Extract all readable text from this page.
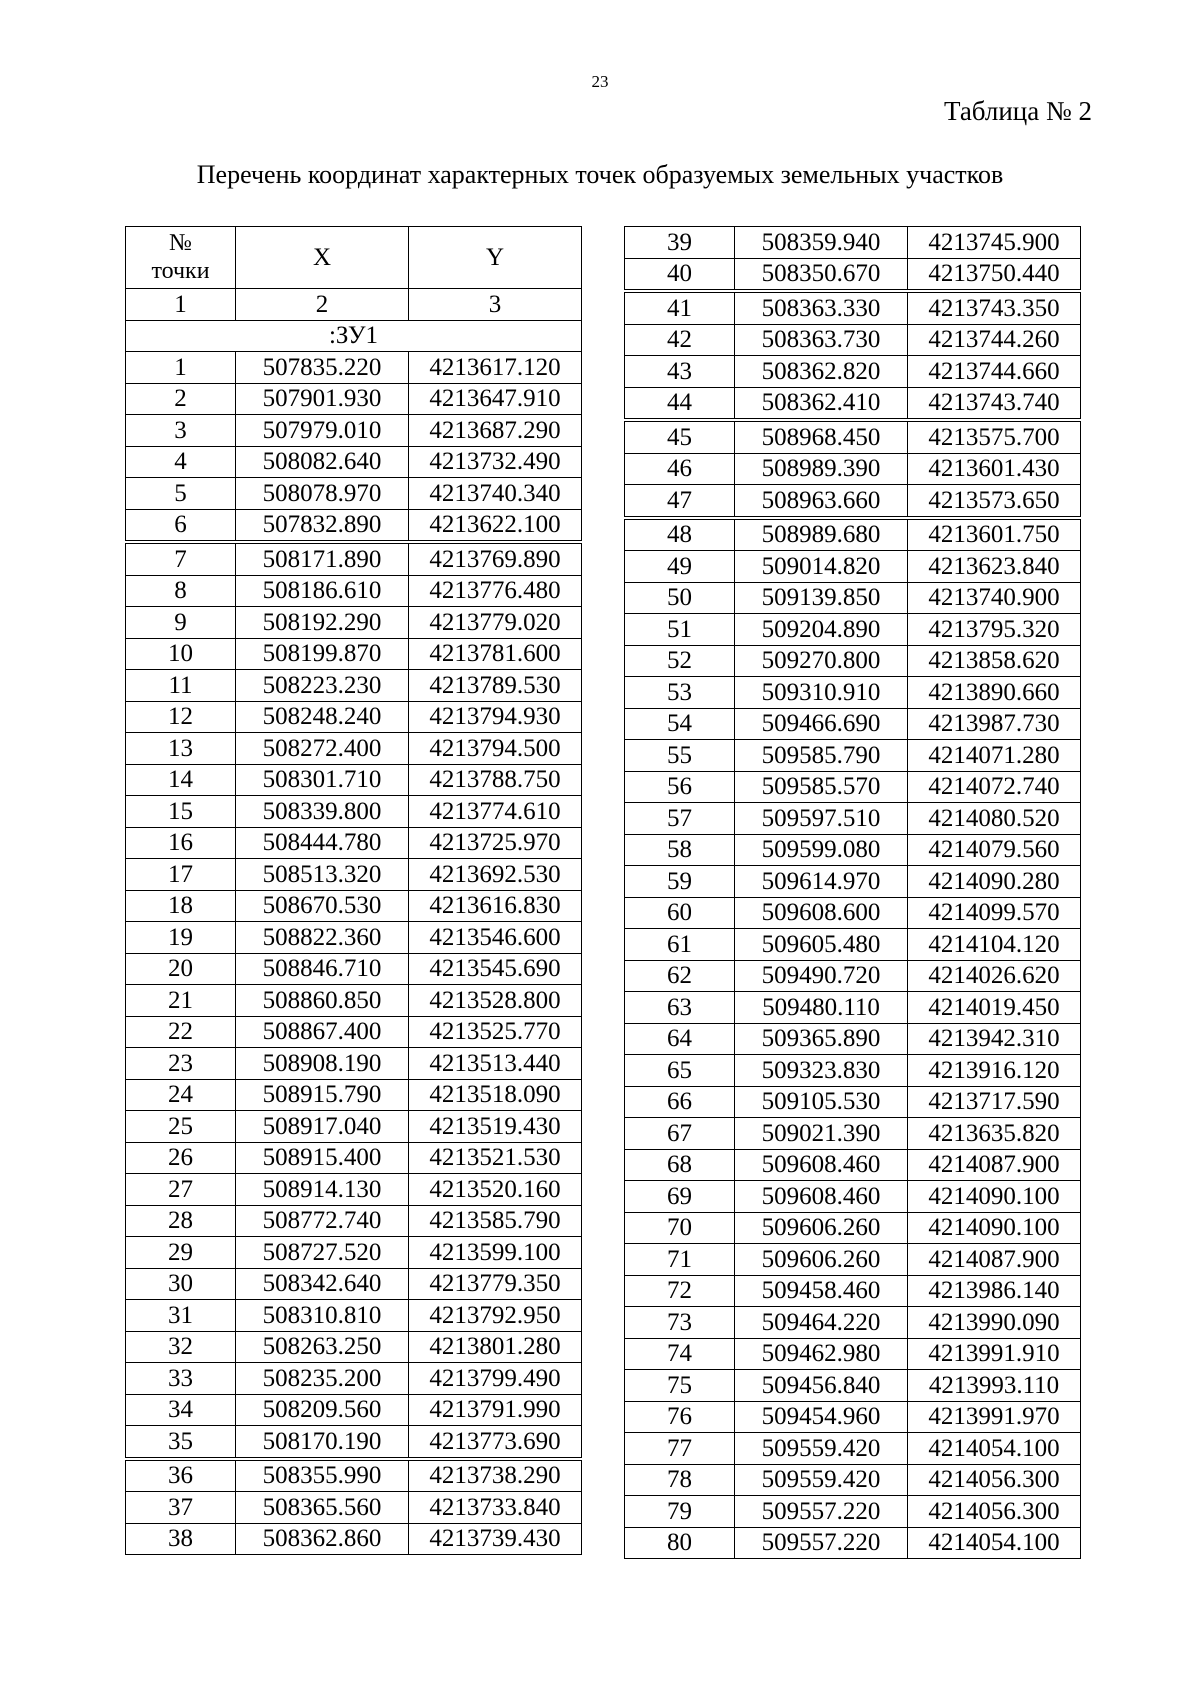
23
Таблица № 2
Перечень координат характерных точек образуемых земельных участков
№
точки	X	Y
1	2	3
:ЗУ1		
1	507835.220	4213617.120
2	507901.930	4213647.910
3	507979.010	4213687.290
4	508082.640	4213732.490
5	508078.970	4213740.340
6	507832.890	4213622.100
7	508171.890	4213769.890
8	508186.610	4213776.480
9	508192.290	4213779.020
10	508199.870	4213781.600
11	508223.230	4213789.530
12	508248.240	4213794.930
13	508272.400	4213794.500
14	508301.710	4213788.750
15	508339.800	4213774.610
16	508444.780	4213725.970
17	508513.320	4213692.530
18	508670.530	4213616.830
19	508822.360	4213546.600
20	508846.710	4213545.690
21	508860.850	4213528.800
22	508867.400	4213525.770
23	508908.190	4213513.440
24	508915.790	4213518.090
25	508917.040	4213519.430
26	508915.400	4213521.530
27	508914.130	4213520.160
28	508772.740	4213585.790
29	508727.520	4213599.100
30	508342.640	4213779.350
31	508310.810	4213792.950
32	508263.250	4213801.280
33	508235.200	4213799.490
34	508209.560	4213791.990
35	508170.190	4213773.690
36	508355.990	4213738.290
37	508365.560	4213733.840
38	508362.860	4213739.430
39	508359.940	4213745.900
40	508350.670	4213750.440
41	508363.330	4213743.350
42	508363.730	4213744.260
43	508362.820	4213744.660
44	508362.410	4213743.740
45	508968.450	4213575.700
46	508989.390	4213601.430
47	508963.660	4213573.650
48	508989.680	4213601.750
49	509014.820	4213623.840
50	509139.850	4213740.900
51	509204.890	4213795.320
52	509270.800	4213858.620
53	509310.910	4213890.660
54	509466.690	4213987.730
55	509585.790	4214071.280
56	509585.570	4214072.740
57	509597.510	4214080.520
58	509599.080	4214079.560
59	509614.970	4214090.280
60	509608.600	4214099.570
61	509605.480	4214104.120
62	509490.720	4214026.620
63	509480.110	4214019.450
64	509365.890	4213942.310
65	509323.830	4213916.120
66	509105.530	4213717.590
67	509021.390	4213635.820
68	509608.460	4214087.900
69	509608.460	4214090.100
70	509606.260	4214090.100
71	509606.260	4214087.900
72	509458.460	4213986.140
73	509464.220	4213990.090
74	509462.980	4213991.910
75	509456.840	4213993.110
76	509454.960	4213991.970
77	509559.420	4214054.100
78	509559.420	4214056.300
79	509557.220	4214056.300
80	509557.220	4214054.100
